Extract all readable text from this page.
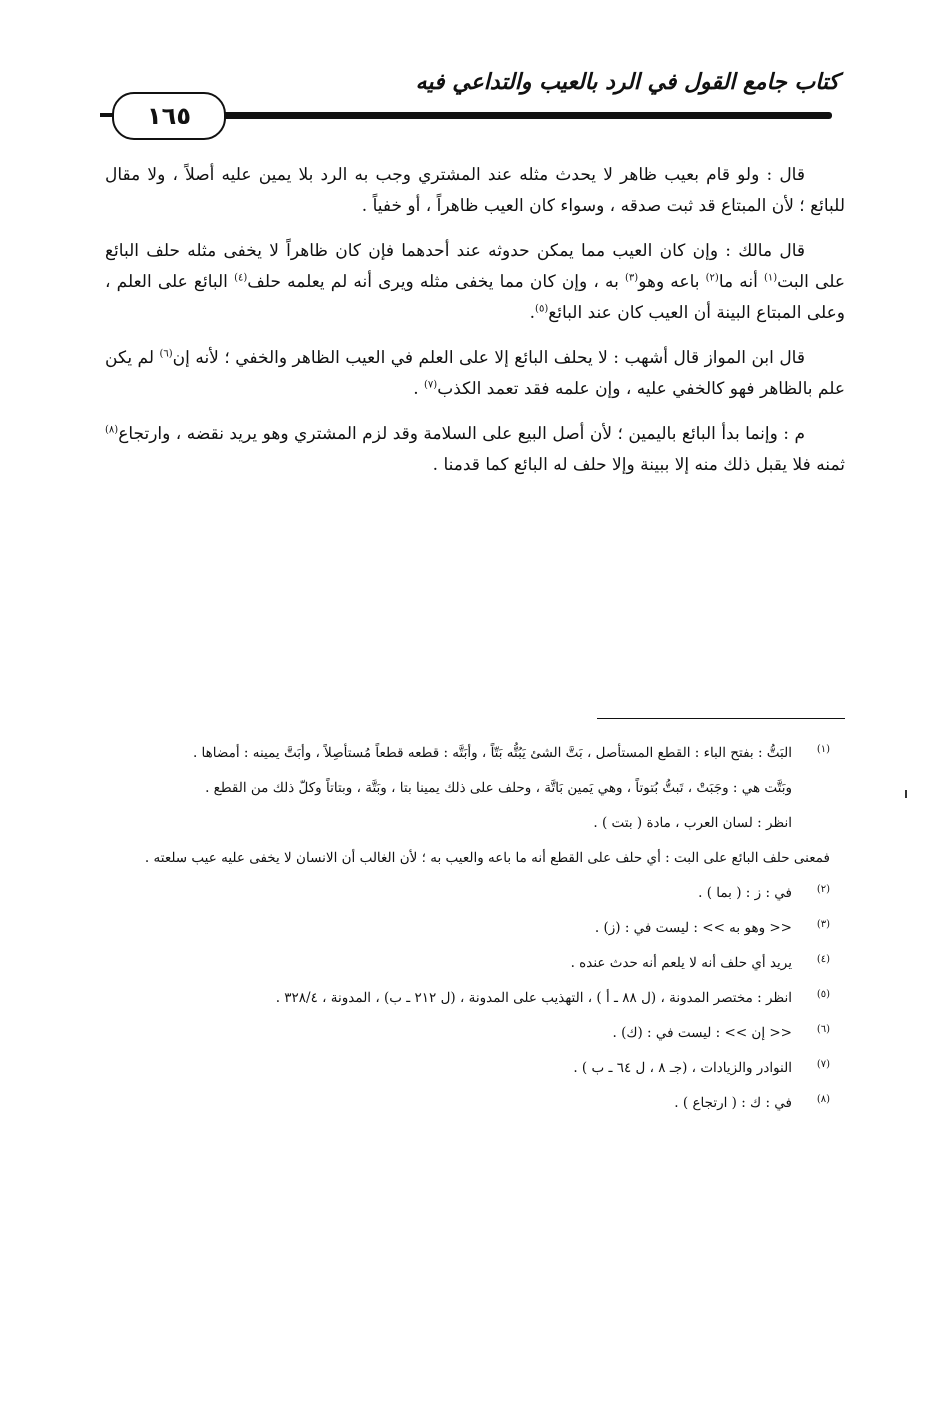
كتاب جامع القول في الرد بالعيب والتداعي فيه
١٦٥

قال : ولو قام بعيب ظاهر لا يحدث مثله عند المشتري وجب به الرد بلا يمين عليه أصلاً ، ولا مقال للبائع ؛ لأن المبتاع قد ثبت صدقه ، وسواء كان العيب ظاهراً ، أو خفياً .

قال مالك : وإن كان العيب مما يمكن حدوثه عند أحدهما فإن كان ظاهراً لا يخفى مثله حلف البائع على البت$^{(١)}$ أنه ما$^{(٢)}$ باعه وهو$^{(٣)}$ به ، وإن كان مما يخفى مثله ويرى أنه لم يعلمه حلف$^{(٤)}$ البائع على العلم ، وعلى المبتاع البينة أن العيب كان عند البائع$^{(٥)}$.

قال ابن المواز قال أشهب : لا يحلف البائع إلا على العلم في العيب الظاهر والخفي ؛ لأنه إن$^{(٦)}$ لم يكن علم بالظاهر فهو كالخفي عليه ، وإن علمه فقد تعمد الكذب$^{(٧)}$ .

م : وإنما بدأ البائع باليمين ؛ لأن أصل البيع على السلامة وقد لزم المشتري وهو يريد نقضه ، وارتجاع$^{(٨)}$ ثمنه فلا يقبل ذلك منه إلا ببينة وإلا حلف له البائع كما قدمنا .

(١)
البَتُّ : بفتح الباء : القطع المستأصل ، بَتَّ الشئ يَبُتُّه بَتّاً ، وأبَتَّه : قطعه قطعاً مُستأصِلاً ، وأبَتَّ يمينه : أمضاها .
وبَتَّت هي : وجَبَتْ ، تَبتُّ بُتوتاً ، وهي يَمين بَاتَّة ، وحلف على ذلك يمينا بتا ، وبَتَّة ، وبتاتاً وكلّ ذلك من القطع .
انظر : لسان العرب ، مادة ( بتت ) .
فمعنى حلف البائع على البت : أي حلف على القطع أنه ما باعه والعيب به ؛ لأن الغالب أن الانسان لا يخفى عليه عيب سلعته .
(٢)
في : ز : ( بما ) .
(٣)
<< وهو به >> : ليست في : (ز) .
(٤)
يريد أي حلف أنه لا يلعم أنه حدث عنده .
(٥)
انظر : مختصر المدونة ، (ل ٨٨ ـ أ ) ، التهذيب على المدونة ، (ل ٢١٢ ـ ب) ، المدونة ، ٣٢٨/٤ .
(٦)
<< إن >> : ليست في : (ك) .
(٧)
النوادر والزيادات ، (جـ ٨ ، ل ٦٤ ـ ب ) .
(٨)
في : ك : ( ارتجاع ) .
